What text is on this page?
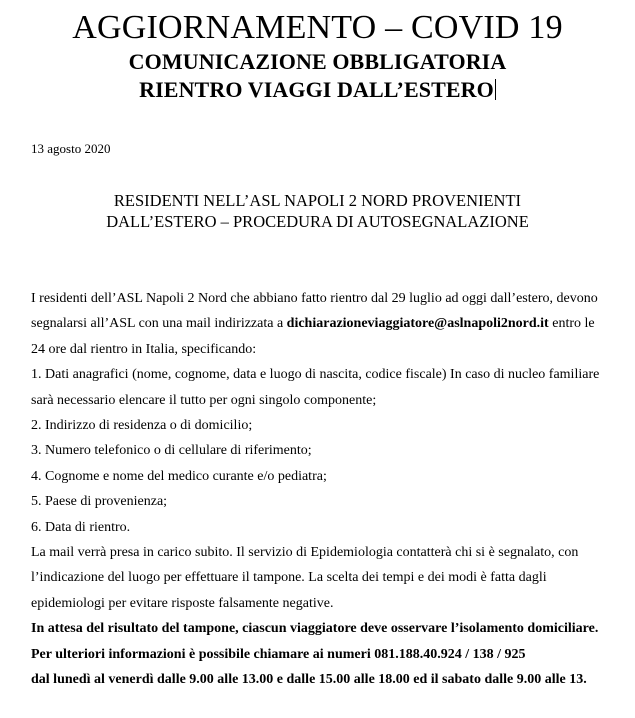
AGGIORNAMENTO – COVID 19
COMUNICAZIONE OBBLIGATORIA
RIENTRO VIAGGI DALL’ESTERO
13 agosto 2020
RESIDENTI NELL’ASL NAPOLI 2 NORD PROVENIENTI
DALL’ESTERO – PROCEDURA DI AUTOSEGNALAZIONE

I residenti dell’ASL Napoli 2 Nord che abbiano fatto rientro dal 29 luglio ad oggi dall’estero, devono segnalarsi all’ASL con una mail indirizzata a dichiarazioneviaggiatore@aslnapoli2nord.it entro le 24 ore dal rientro in Italia, specificando:

1. Dati anagrafici (nome, cognome, data e luogo di nascita, codice fiscale) In caso di nucleo familiare sarà necessario elencare il tutto per ogni singolo componente;

2. Indirizzo di residenza o di domicilio;

3. Numero telefonico o di cellulare di riferimento;

4. Cognome e nome del medico curante e/o pediatra;

5. Paese di provenienza;

6. Data di rientro.

La mail verrà presa in carico subito. Il servizio di Epidemiologia contatterà chi si è segnalato, con l’indicazione del luogo per effettuare il tampone. La scelta dei tempi e dei modi è fatta dagli epidemiologi per evitare risposte falsamente negative.

In attesa del risultato del tampone, ciascun viaggiatore deve osservare l’isolamento domiciliare.

Per ulteriori informazioni è possibile chiamare ai numeri 081.188.40.924 / 138 / 925

dal lunedì al venerdì dalle 9.00 alle 13.00 e dalle 15.00 alle 18.00 ed il sabato dalle 9.00 alle 13.
